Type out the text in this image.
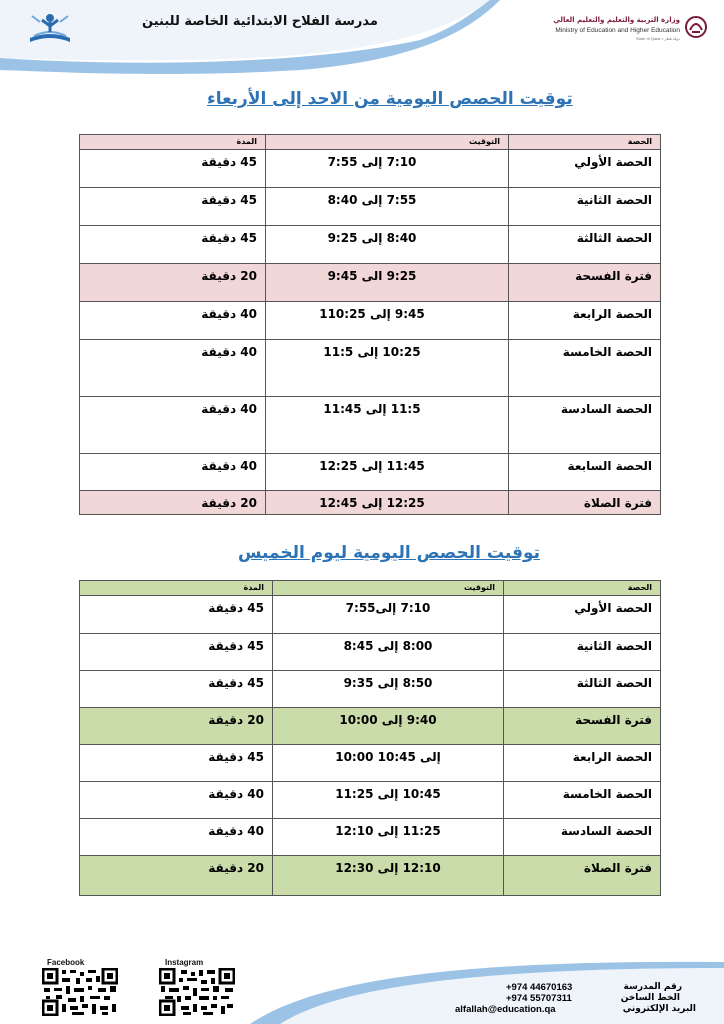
مدرسة الفلاح الابتدائية الخاصة للبنين	وزارة التربية والتعليم والتعليم العالي
Ministry of Education and Higher Education
State of Qatar • دولة قطر
توقيت الحصص اليومية من الاحد إلى الأربعاء
الحصة	التوقيت	المدة
الحصة الأولي	7:10 إلى 7:55	45 دقيقة
الحصة الثانية	7:55 إلى 8:40	45 دقيقة
الحصة الثالثة	8:40 إلى 9:25	45 دقيقة
فترة الفسحة	9:25 الى 9:45	20 دقيقة
الحصة الرابعة	9:45 إلى 110:25	40 دقيقة
الحصة الخامسة	10:25 إلى 11:5	40 دقيقة
الحصة السادسة	11:5 إلى 11:45	40 دقيقة
الحصة السابعة	11:45 إلى 12:25	40 دقيقة
فترة الصلاة	12:25 إلى 12:45	20 دقيقة
توقيت الحصص اليومية ليوم الخميس
الحصة	التوقيت	المدة
الحصة الأولي	7:10 إلى7:55	45 دقيقة
الحصة الثانية	8:00 إلى 8:45	45 دقيقة
الحصة الثالثة	8:50 إلى 9:35	45 دقيقة
فترة الفسحة	9:40 إلى 10:00	20 دقيقة
الحصة الرابعة	إلى 10:45 10:00	45 دقيقة
الحصة الخامسة	10:45 إلى 11:25	40 دقيقة
الحصة السادسة	11:25 إلى 12:10	40 دقيقة
فترة الصلاة	12:10 إلى 12:30	20 دقيقة
Facebook	Instagram
رقم المدرسة
+974 44670163
الخط الساخن
+974 55707311
البريد الإلكتروني
alfallah@education.qa
